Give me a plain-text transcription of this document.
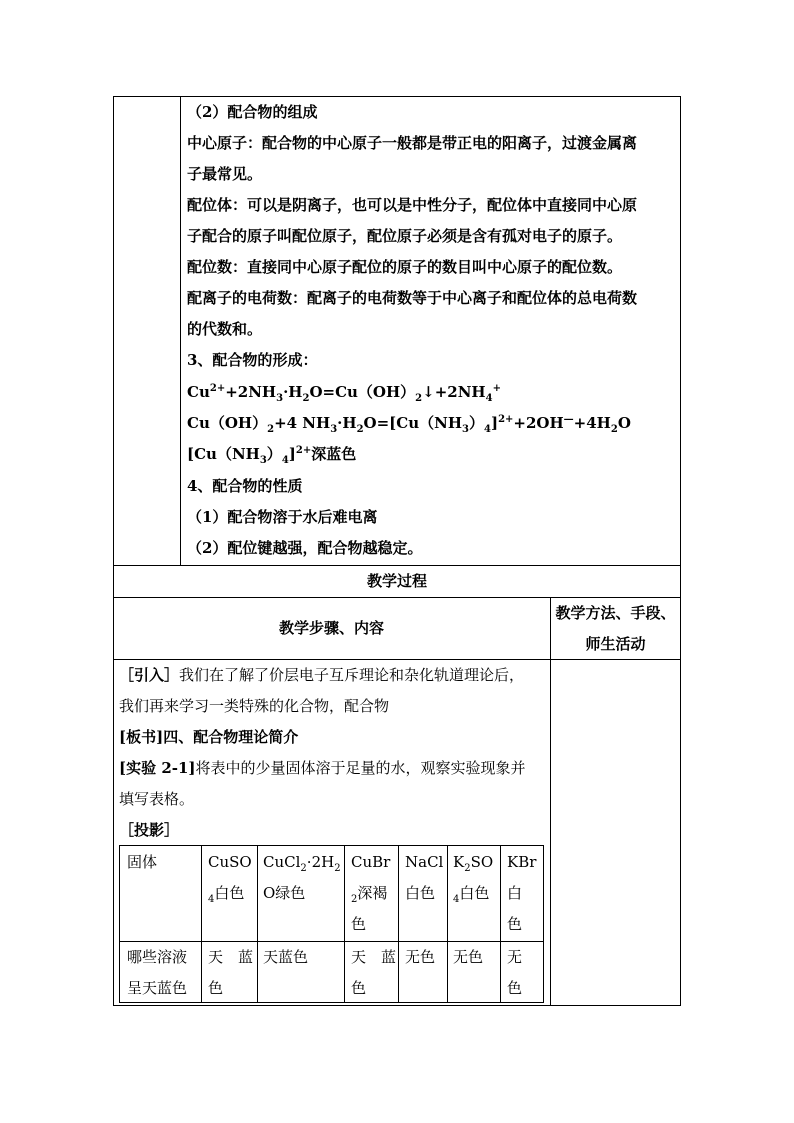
（2）配合物的组成
中心原子：配合物的中心原子一般都是带正电的阳离子，过渡金属离
子最常见。
配位体：可以是阴离子，也可以是中性分子，配位体中直接同中心原
子配合的原子叫配位原子，配位原子必须是含有孤对电子的原子。
配位数：直接同中心原子配位的原子的数目叫中心原子的配位数。
配离子的电荷数：配离子的电荷数等于中心离子和配位体的总电荷数
的代数和。
3、配合物的形成：
$Cu^{2+}+2NH_3\cdot H_2O=Cu(OH)_2↓+2NH_4^+$
$Cu(OH)_2+4$ $NH_3\cdot H_2O=[Cu(NH_3)_4]^{2+}+2OH^—+4H_2O$
$[Cu(NH_3)_4]^{2+}$深蓝色
4、配合物的性质
（1）配合物溶于水后难电离
（2）配位键越强，配合物越稳定。
教学过程
教学步骤、内容
教学方法、手段、
师生活动
［引入］我们在了解了价层电子互斥理论和杂化轨道理论后，
我们再来学习一类特殊的化合物，配合物
[板书]四、配合物理论简介
[实验 2-1]将表中的少量固体溶于足量的水，观察实验现象并
填写表格。
［投影］
固体	CuSO
$_4$白色
$CuCl_2\cdot 2H_2$
O绿色
CuBr
$_2$深褐
色
NaCl
白色
$K_2SO$
$_4$白色
KBr
白
色
哪些溶液
呈天蓝色
天　蓝
色
天蓝色	天　蓝
色
无色 无色 无
色
